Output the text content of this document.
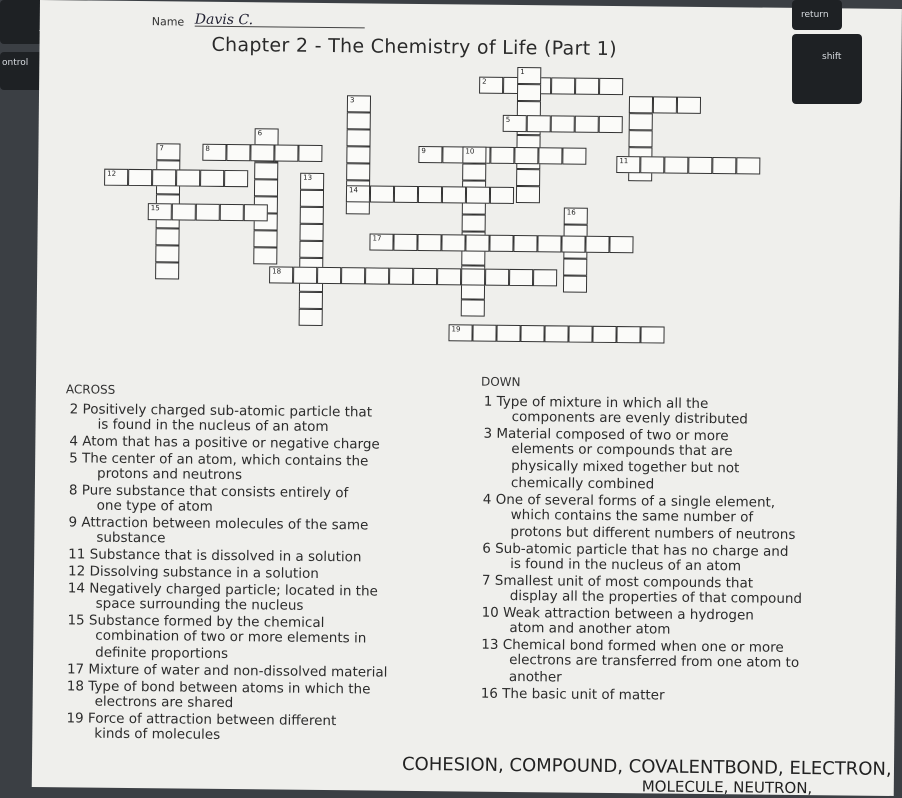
ontrol
Name Davis C.
Chapter 2 - The Chemistry of Life (Part 1)
2
1
3
5
6
7	8	9	10
11
12
13
14
15
16
17
18
19
ACROSS
DOWN
2 Positively charged sub-atomic particle that
is found in the nucleus of an atom
4 Atom that has a positive or negative charge
5 The center of an atom, which contains the
protons and neutrons
8 Pure substance that consists entirely of
one type of atom
9 Attraction between molecules of the same
substance
11 Substance that is dissolved in a solution
12 Dissolving substance in a solution
14 Negatively charged particle; located in the
space surrounding the nucleus
15 Substance formed by the chemical
combination of two or more elements in
definite proportions
17 Mixture of water and non-dissolved material
18 Type of bond between atoms in which the
electrons are shared
19 Force of attraction between different
kinds of molecules
1 Type of mixture in which all the
components are evenly distributed
3 Material composed of two or more
elements or compounds that are
physically mixed together but not
chemically combined
4 One of several forms of a single element,
which contains the same number of
protons but different numbers of neutrons
6 Sub-atomic particle that has no charge and
is found in the nucleus of an atom
7 Smallest unit of most compounds that
display all the properties of that compound
10 Weak attraction between a hydrogen
atom and another atom
13 Chemical bond formed when one or more
electrons are transferred from one atom to
another
16 The basic unit of matter
COHESION, COMPOUND, COVALENTBOND, ELECTRON,
MOLECULE, NEUTRON,
return
shift
